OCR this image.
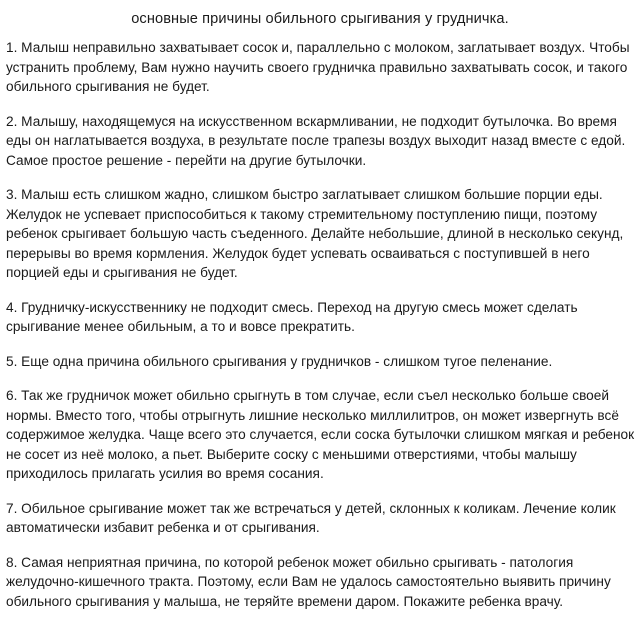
основные причины обильного срыгивания у грудничка.
1. Малыш неправильно захватывает сосок и, параллельно с молоком, заглатывает воздух. Чтобы
устранить проблему, Вам нужно научить своего грудничка правильно захватывать сосок, и такого
обильного срыгивания не будет.
2. Малышу, находящемуся на искусственном вскармливании, не подходит бутылочка. Во время
еды он наглатывается воздуха, в результате после трапезы воздух выходит назад вместе с едой.
Самое простое решение - перейти на другие бутылочки.
3. Малыш есть слишком жадно, слишком быстро заглатывает слишком большие порции еды.
Желудок не успевает приспособиться к такому стремительному поступлению пищи, поэтому
ребенок срыгивает большую часть съеденного. Делайте небольшие, длиной в несколько секунд,
перерывы во время кормления. Желудок будет успевать осваиваться с поступившей в него
порцией еды и срыгивания не будет.
4. Грудничку-искусственнику не подходит смесь. Переход на другую смесь может сделать
срыгивание менее обильным, а то и вовсе прекратить.
5. Еще одна причина обильного срыгивания у грудничков - слишком тугое пеленание.
6. Так же грудничок может обильно срыгнуть в том случае, если съел несколько больше своей
нормы. Вместо того, чтобы отрыгнуть лишние несколько миллилитров, он может извергнуть всё
содержимое желудка. Чаще всего это случается, если соска бутылочки слишком мягкая и ребенок
не сосет из неё молоко, а пьет. Выберите соску с меньшими отверстиями, чтобы малышу
приходилось прилагать усилия во время сосания.
7. Обильное срыгивание может так же встречаться у детей, склонных к коликам. Лечение колик
автоматически избавит ребенка и от срыгивания.
8. Самая неприятная причина, по которой ребенок может обильно срыгивать - патология
желудочно-кишечного тракта. Поэтому, если Вам не удалось самостоятельно выявить причину
обильного срыгивания у малыша, не теряйте времени даром. Покажите ребенка врачу.
